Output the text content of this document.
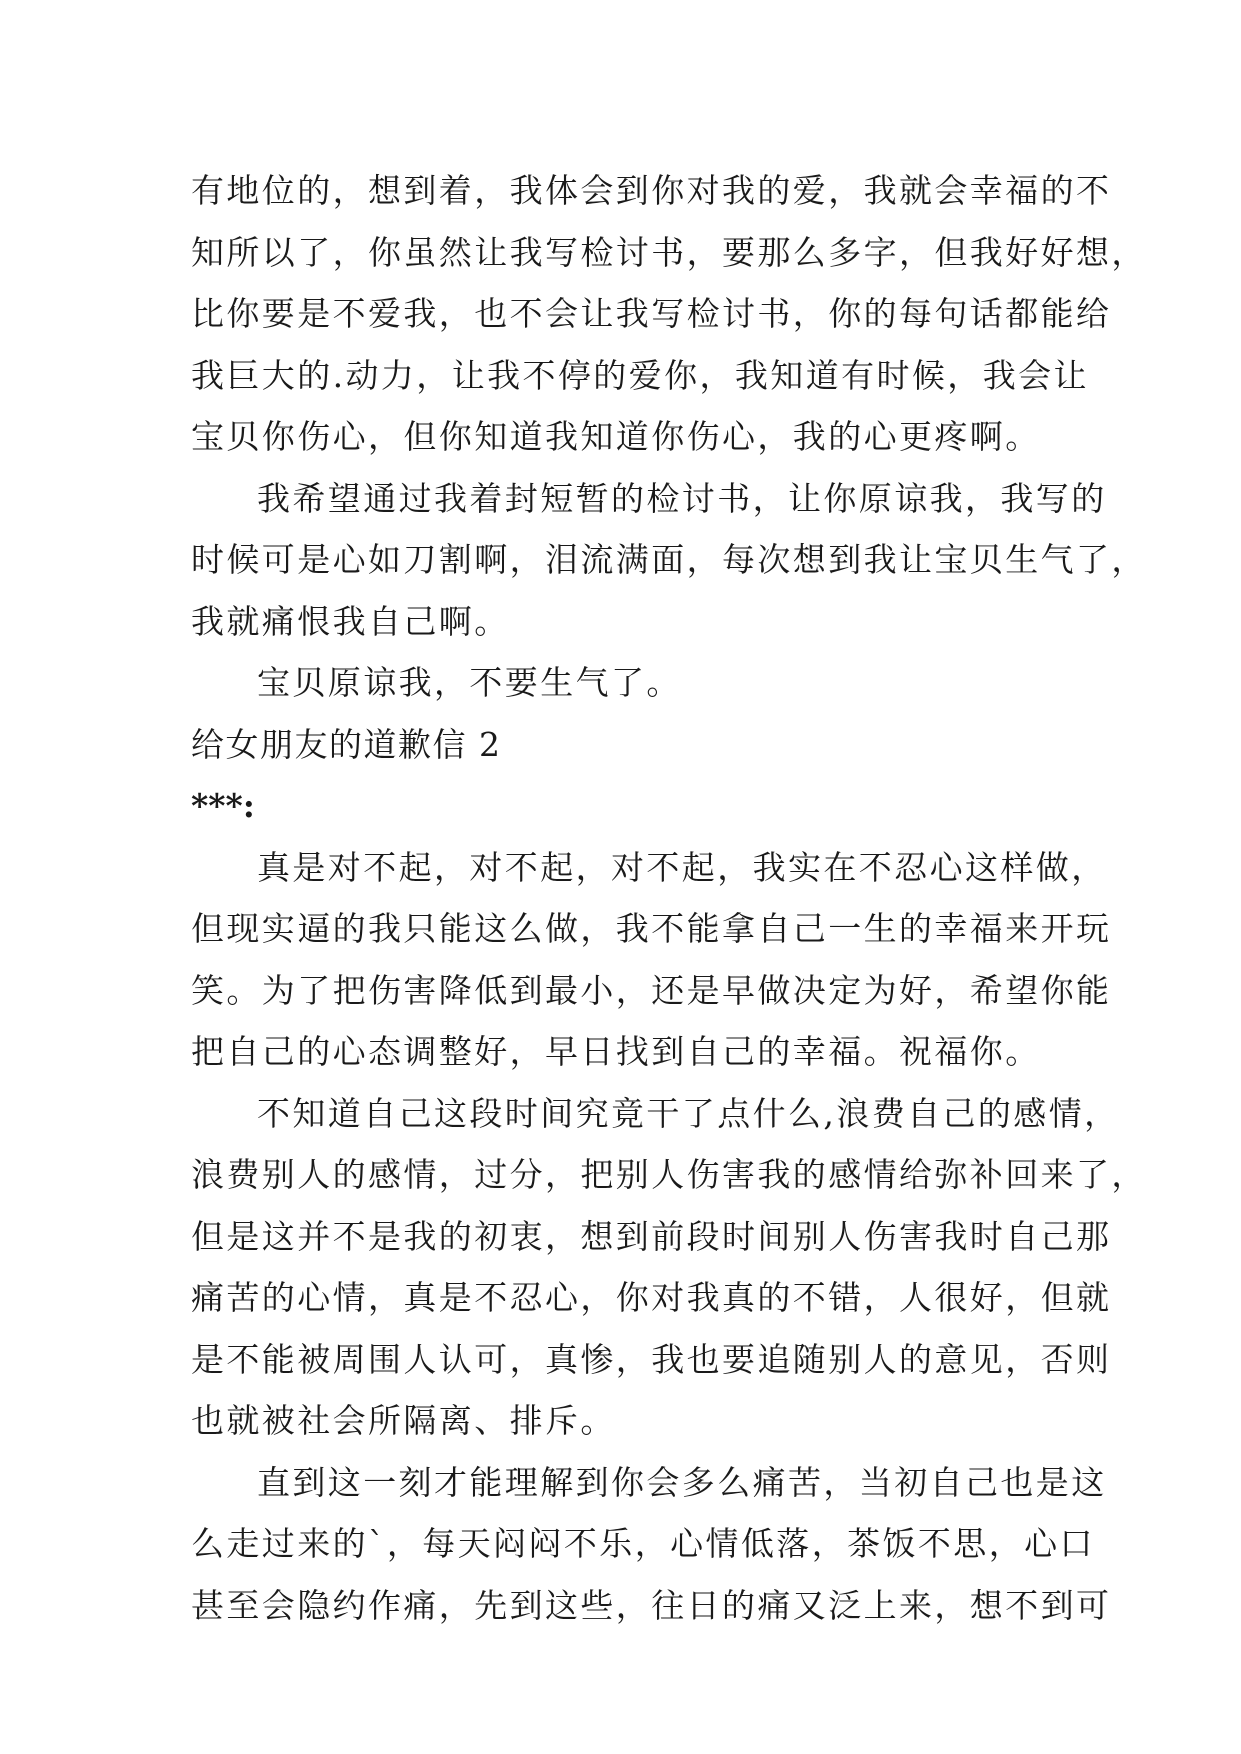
有地位的，想到着，我体会到你对我的爱，我就会幸福的不
知所以了，你虽然让我写检讨书，要那么多字，但我好好想，
比你要是不爱我，也不会让我写检讨书，你的每句话都能给
我巨大的.动力，让我不停的爱你，我知道有时候，我会让
宝贝你伤心，但你知道我知道你伤心，我的心更疼啊。
我希望通过我着封短暂的检讨书，让你原谅我，我写的
时候可是心如刀割啊，泪流满面，每次想到我让宝贝生气了，
我就痛恨我自己啊。
宝贝原谅我，不要生气了。
给女朋友的道歉信 2
***:
真是对不起，对不起，对不起，我实在不忍心这样做，
但现实逼的我只能这么做，我不能拿自己一生的幸福来开玩
笑。为了把伤害降低到最小，还是早做决定为好，希望你能
把自己的心态调整好，早日找到自己的幸福。祝福你。
不知道自己这段时间究竟干了点什么,浪费自己的感情，
浪费别人的感情，过分，把别人伤害我的感情给弥补回来了，
但是这并不是我的初衷，想到前段时间别人伤害我时自己那
痛苦的心情，真是不忍心，你对我真的不错，人很好，但就
是不能被周围人认可，真惨，我也要追随别人的意见，否则
也就被社会所隔离、排斥。
直到这一刻才能理解到你会多么痛苦，当初自己也是这
么走过来的`，每天闷闷不乐，心情低落，茶饭不思，心口
甚至会隐约作痛，先到这些，往日的痛又泛上来，想不到可
